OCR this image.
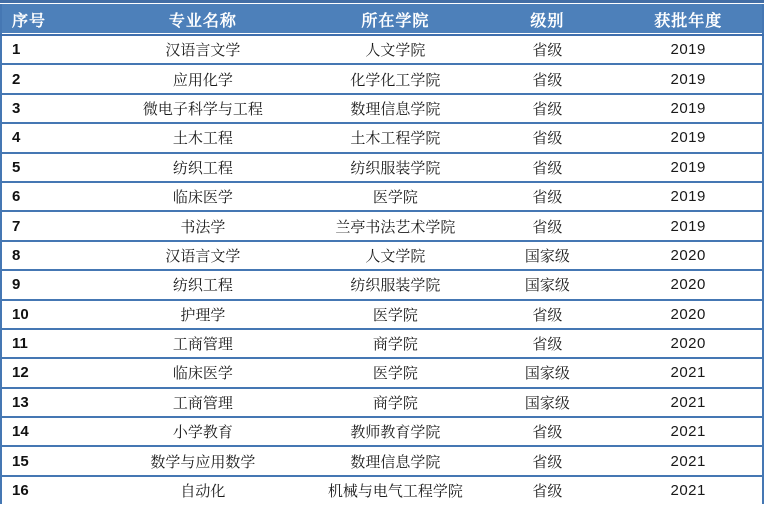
序号	专业名称	所在学院	级别	获批年度
1	汉语言文学	人文学院	省级	2019
2	应用化学	化学化工学院	省级	2019
3	微电子科学与工程	数理信息学院	省级	2019
4	土木工程	土木工程学院	省级	2019
5	纺织工程	纺织服装学院	省级	2019
6	临床医学	医学院	省级	2019
7	书法学	兰亭书法艺术学院	省级	2019
8	汉语言文学	人文学院	国家级	2020
9	纺织工程	纺织服装学院	国家级	2020
10	护理学	医学院	省级	2020
11	工商管理	商学院	省级	2020
12	临床医学	医学院	国家级	2021
13	工商管理	商学院	国家级	2021
14	小学教育	教师教育学院	省级	2021
15	数学与应用数学	数理信息学院	省级	2021
16	自动化	机械与电气工程学院	省级	2021
